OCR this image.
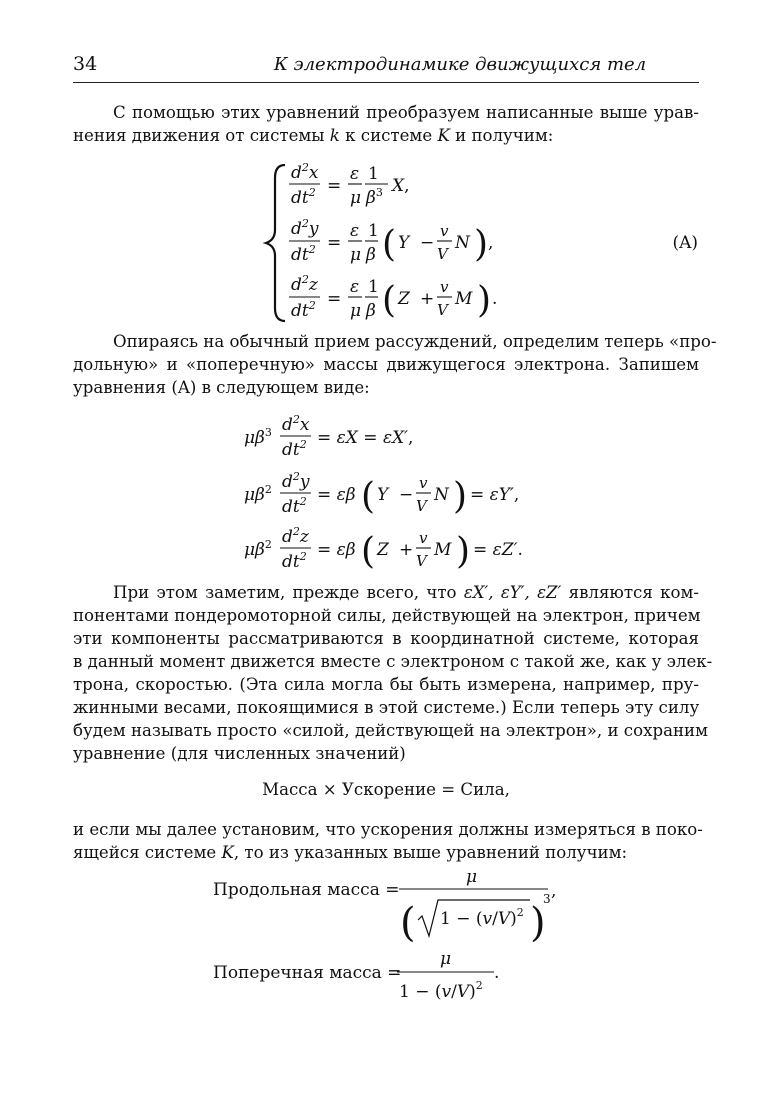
34	К электродинамике движущихся тел
С помощью этих уравнений преобразуем написанные выше урав-
нения движения от системы k к системе K и получим:
$d^2x$
$dt^2$ =
ε
μ
1
$\beta^3$ X,
$d^2y$
$dt^2$ =
ε
μ
1
β ( Y −
v
V
N ) ,
$d^2z$
$dt^2$ =
ε
μ
1
β ( Z +
v
V
M ) .
(A)
$\mu\beta^3$ $d^2x$
$dt^2 = \varepsilon X = \varepsilon X'$,
$\mu\beta^2$ $d^2y$
$dt^2 = \varepsilon\beta$ ( Y −
v
V
N ) = εY′,
$\mu\beta^2$ $d^2z$
$dt^2 = \varepsilon\beta$ ( Z +
v
V
M ) = εZ′.
Продольная масса =
μ
( $1 - (v/V)^2$ )
3 ,
Поперечная масса =
μ
$1 - (v/V)^2$
.
Опираясь на обычный прием рассуждений, определим теперь «про-
дольную» и «поперечную» массы движущегося электрона. Запишем
уравнения (A) в следующем виде:
При этом заметим, прежде всего, что εX′, εY′, εZ′ являются ком-
понентами пондеромоторной силы, действующей на электрон, причем
эти компоненты рассматриваются в координатной системе, которая
в данный момент движется вместе с электроном с такой же, как у элек-
трона, скоростью. (Эта сила могла бы быть измерена, например, пру-
жинными весами, покоящимися в этой системе.) Если теперь эту силу
будем называть просто «силой, действующей на электрон», и сохраним
уравнение (для численных значений)
Масса × Ускорение = Сила,
и если мы далее установим, что ускорения должны измеряться в поко-
ящейся системе K, то из указанных выше уравнений получим:
